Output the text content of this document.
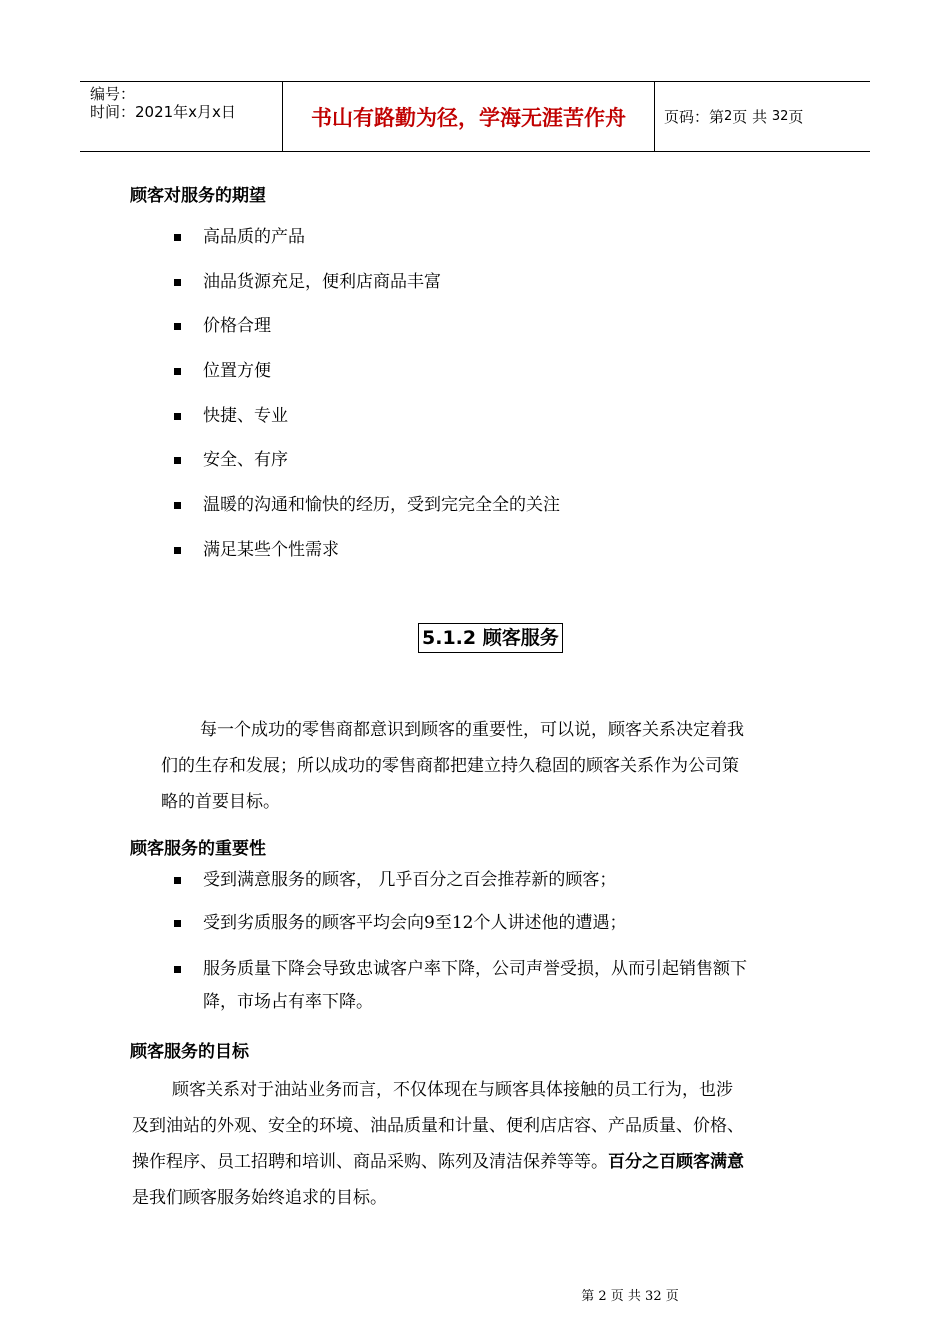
编号：
时间：2021年x月x日	书山有路勤为径，学海无涯苦作舟	页码：第 2 页 共
32 页
顾客对服务的期望
高品质的产品
油品货源充足，便利店商品丰富
价格合理
位置方便
快捷、专业
安全、有序
温暖的沟通和愉快的经历，受到完完全全的关注
满足某些个性需求
5.1.2 顾客服务
每一个成功的零售商都意识到顾客的重要性，可以说，顾客关系决定着我
们的生存和发展；所以成功的零售商都把建立持久稳固的顾客关系作为公司策
略的首要目标。
顾客服务的重要性
受到满意服务的顾客， 几乎百分之百会推荐新的顾客；
受到劣质服务的顾客平均会向9至12个人讲述他的遭遇；
服务质量下降会导致忠诚客户率下降，公司声誉受损，从而引起销售额下
降，市场占有率下降。
顾客服务的目标
顾客关系对于油站业务而言，不仅体现在与顾客具体接触的员工行为，也涉
及到油站的外观、安全的环境、油品质量和计量、便利店店容、产品质量、价格、
操作程序、员工招聘和培训、商品采购、陈列及清洁保养等等。百分之百顾客满意
是我们顾客服务始终追求的目标。
第 2 页 共 32 页
